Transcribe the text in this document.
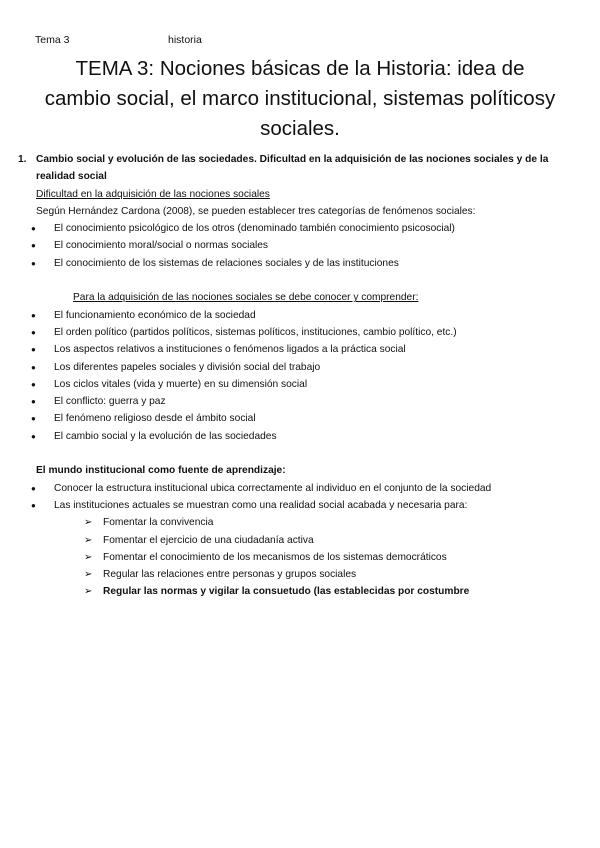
Tema 3	historia
TEMA 3: Nociones básicas de la Historia: idea de cambio social, el marco institucional, sistemas políticosy sociales.
1. Cambio social y evolución de las sociedades. Dificultad en la adquisición de las nociones sociales y de la realidad social
Dificultad en la adquisición de las nociones sociales
Según Hernández Cardona (2008), se pueden establecer tres categorías de fenómenos sociales:
● El conocimiento psicológico de los otros (denominado también conocimiento psicosocial)
● El conocimiento moral/social o normas sociales
● El conocimiento de los sistemas de relaciones sociales y de las instituciones
Para la adquisición de las nociones sociales se debe conocer y comprender:
● El funcionamiento económico de la sociedad
● El orden político (partidos políticos, sistemas políticos, instituciones, cambio político, etc.)
● Los aspectos relativos a instituciones o fenómenos ligados a la práctica social
● Los diferentes papeles sociales y división social del trabajo
● Los ciclos vitales (vida y muerte) en su dimensión social
● El conflicto: guerra y paz
● El fenómeno religioso desde el ámbito social
● El cambio social y la evolución de las sociedades
El mundo institucional como fuente de aprendizaje:
● Conocer la estructura institucional ubica correctamente al individuo en el conjunto de la sociedad
● Las instituciones actuales se muestran como una realidad social acabada y necesaria para:
➢ Fomentar la convivencia
➢ Fomentar el ejercicio de una ciudadanía activa
➢ Fomentar el conocimiento de los mecanismos de los sistemas democráticos
➢ Regular las relaciones entre personas y grupos sociales
➢ Regular las normas y vigilar la consuetudo (las establecidas por costumbre
